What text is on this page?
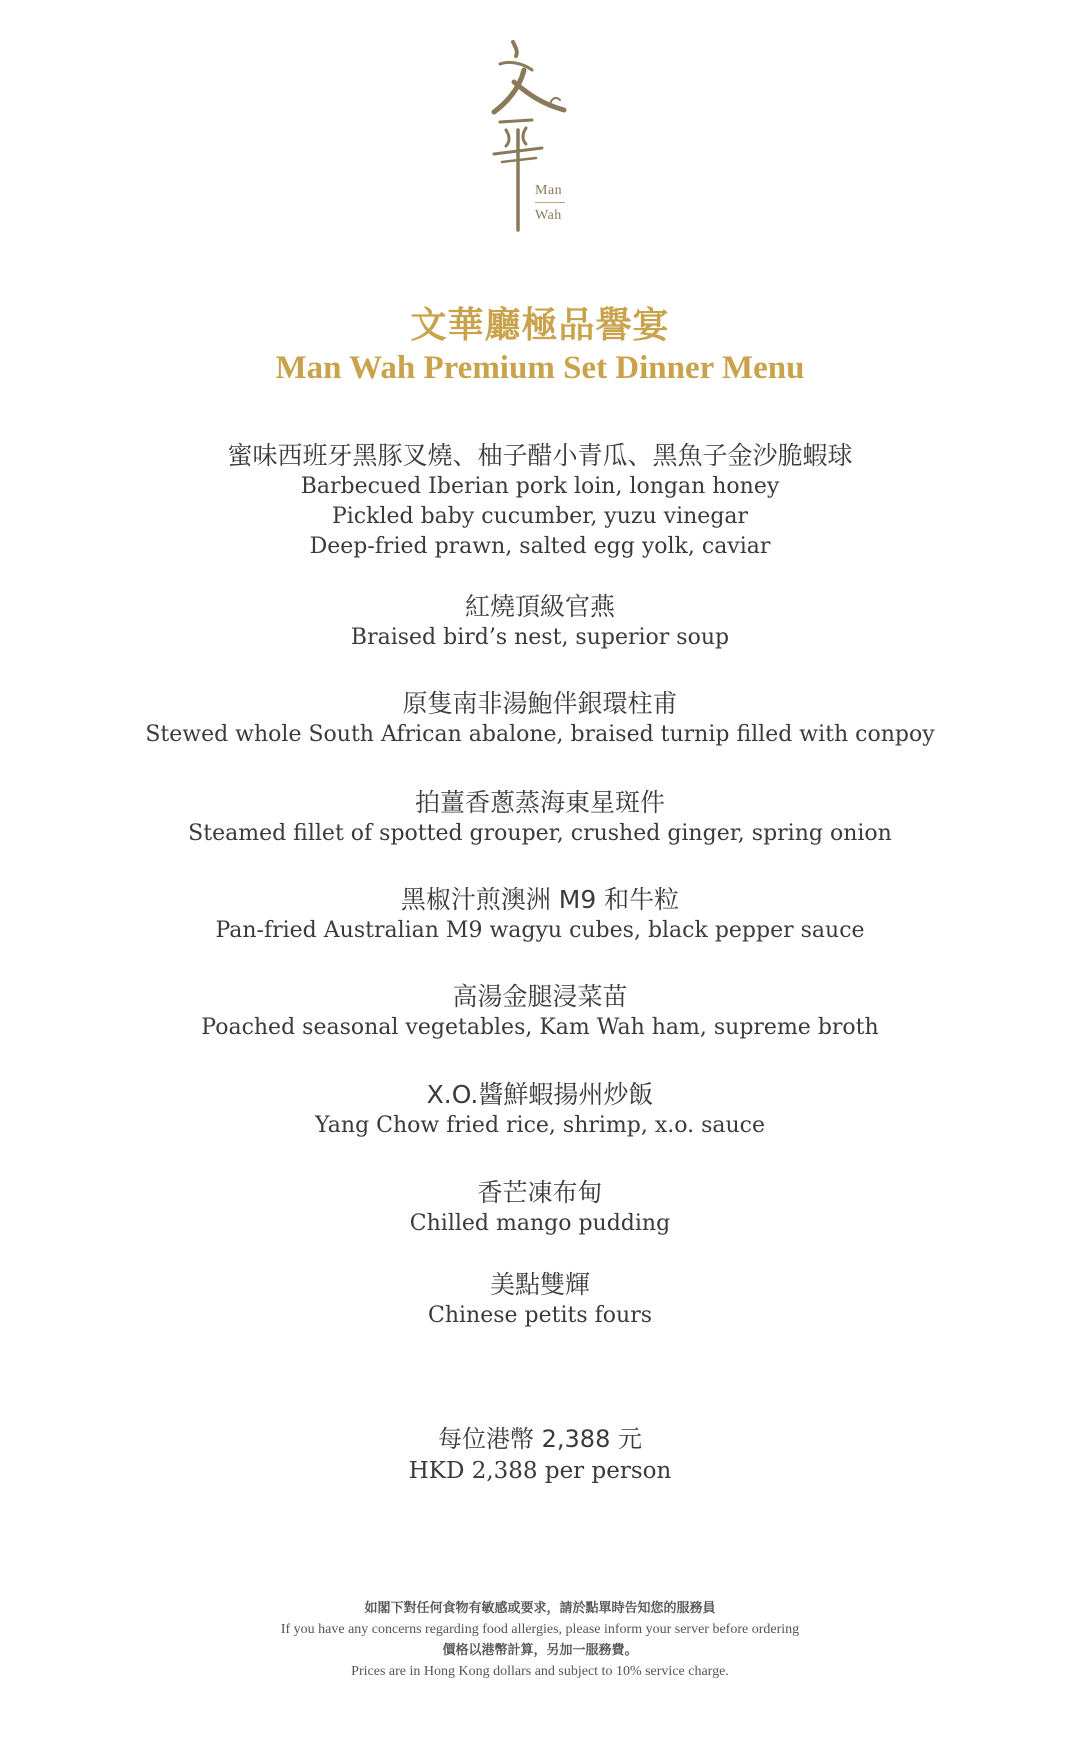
Man
Wah
文華廳極品譽宴
Man Wah Premium Set Dinner Menu
蜜味西班牙黑豚叉燒、柚子醋小青瓜、黑魚子金沙脆蝦球
Barbecued Iberian pork loin, longan honey
Pickled baby cucumber, yuzu vinegar
Deep-fried prawn, salted egg yolk, caviar
紅燒頂級官燕
Braised bird’s nest, superior soup
原隻南非湯鮑伴銀環柱甫
Stewed whole South African abalone, braised turnip filled with conpoy
拍薑香蔥蒸海東星斑件
Steamed fillet of spotted grouper, crushed ginger, spring onion
黑椒汁煎澳洲 M9 和牛粒
Pan-fried Australian M9 wagyu cubes, black pepper sauce
高湯金腿浸菜苗
Poached seasonal vegetables, Kam Wah ham, supreme broth
X.O.醬鮮蝦揚州炒飯
Yang Chow fried rice, shrimp, x.o. sauce
香芒凍布甸
Chilled mango pudding
美點雙輝
Chinese petits fours
每位港幣 2,388 元
HKD 2,388 per person
如閣下對任何食物有敏感或要求，請於點單時告知您的服務員
If you have any concerns regarding food allergies, please inform your server before ordering
價格以港幣計算，另加一服務費。
Prices are in Hong Kong dollars and subject to 10% service charge.
